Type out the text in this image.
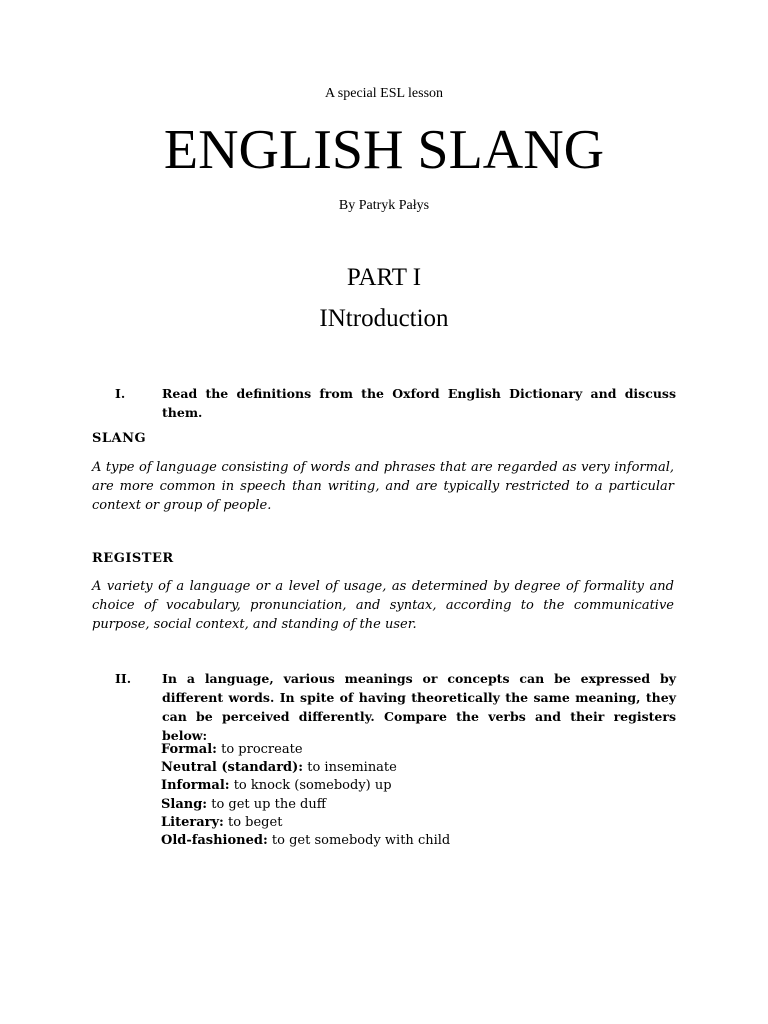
A special ESL lesson
ENGLISH SLANG
By Patryk Pałys
PART I
INtroduction
I.	Read the definitions from the Oxford English Dictionary and discuss them.
SLANG
A type of language consisting of words and phrases that are regarded as very informal, are more common in speech than writing, and are typically restricted to a particular context or group of people.
REGISTER
A variety of a language or a level of usage, as determined by degree of formality and choice of vocabulary, pronunciation, and syntax, according to the communicative purpose, social context, and standing of the user.
II.	In a language, various meanings or concepts can be expressed by different words. In spite of having theoretically the same meaning, they can be perceived differently. Compare the verbs and their registers below:
Formal: to procreate
Neutral (standard): to inseminate
Informal: to knock (somebody) up
Slang: to get up the duff
Literary: to beget
Old-fashioned: to get somebody with child
